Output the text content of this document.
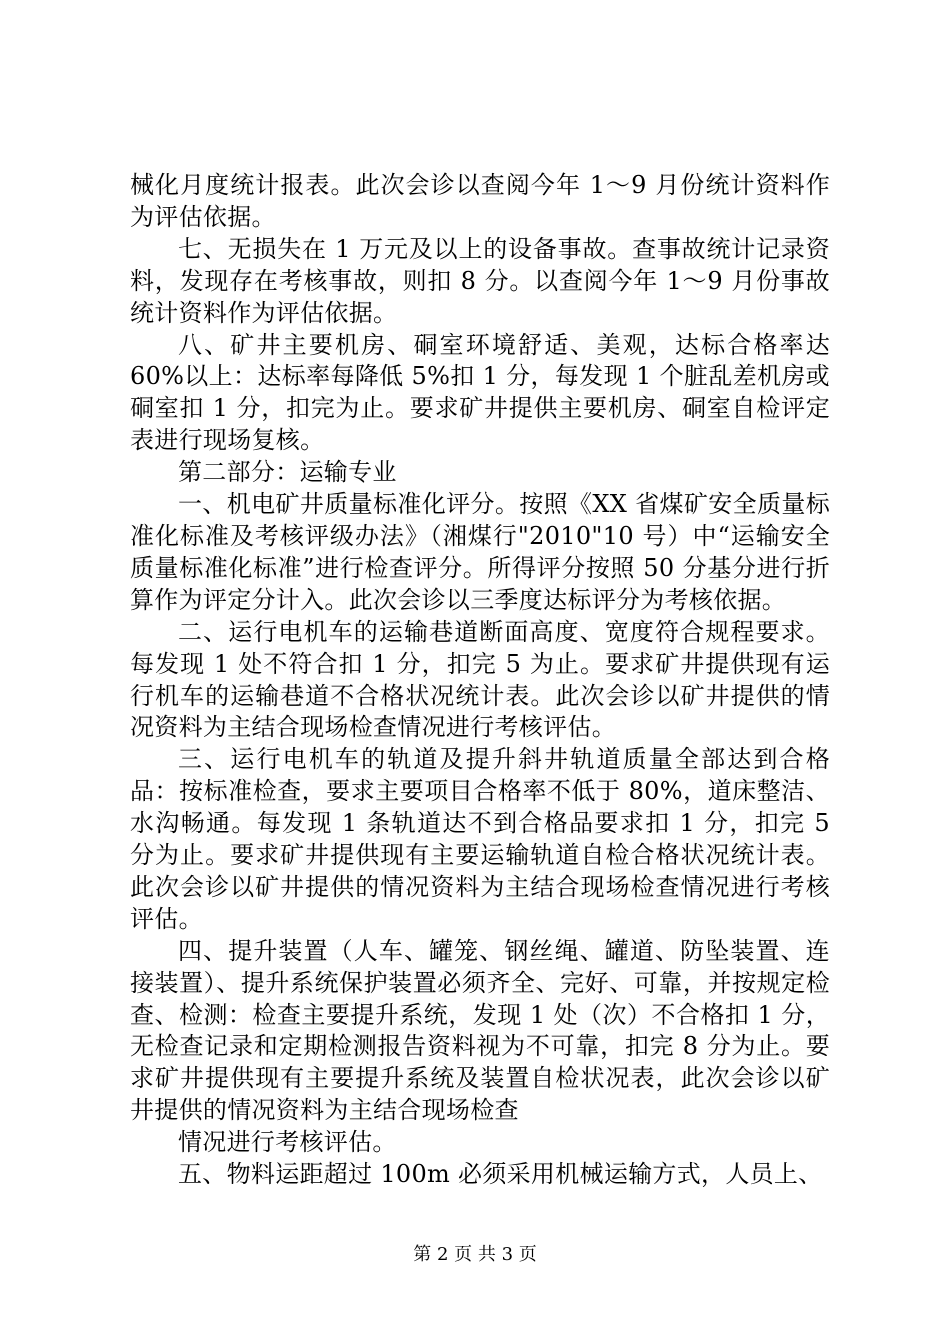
械化月度统计报表。此次会诊以查阅今年 1～9 月份统计资料作为评估依据。

七、无损失在 1 万元及以上的设备事故。查事故统计记录资料，发现存在考核事故，则扣 8 分。以查阅今年 1～9 月份事故统计资料作为评估依据。

八、矿井主要机房、硐室环境舒适、美观，达标合格率达60%以上：达标率每降低 5%扣 1 分，每发现 1 个脏乱差机房或硐室扣 1 分，扣完为止。要求矿井提供主要机房、硐室自检评定表进行现场复核。

第二部分：运输专业

一、机电矿井质量标准化评分。按照《XX 省煤矿安全质量标准化标准及考核评级办法》（湘煤行"2010"10 号）中“运输安全质量标准化标准”进行检查评分。所得评分按照 50 分基分进行折算作为评定分计入。此次会诊以三季度达标评分为考核依据。

二、运行电机车的运输巷道断面高度、宽度符合规程要求。每发现 1 处不符合扣 1 分，扣完 5 为止。要求矿井提供现有运行机车的运输巷道不合格状况统计表。此次会诊以矿井提供的情况资料为主结合现场检查情况进行考核评估。

三、运行电机车的轨道及提升斜井轨道质量全部达到合格品：按标准检查，要求主要项目合格率不低于 80%，道床整洁、水沟畅通。每发现 1 条轨道达不到合格品要求扣 1 分，扣完 5 分为止。要求矿井提供现有主要运输轨道自检合格状况统计表。此次会诊以矿井提供的情况资料为主结合现场检查情况进行考核评估。

四、提升装置（人车、罐笼、钢丝绳、罐道、防坠装置、连接装置）、提升系统保护装置必须齐全、完好、可靠，并按规定检查、检测：检查主要提升系统，发现 1 处（次）不合格扣 1 分，无检查记录和定期检测报告资料视为不可靠，扣完 8 分为止。要求矿井提供现有主要提升系统及装置自检状况表，此次会诊以矿井提供的情况资料为主结合现场检查

情况进行考核评估。

五、物料运距超过 100m 必须采用机械运输方式，人员上、

第 2 页 共 3 页
